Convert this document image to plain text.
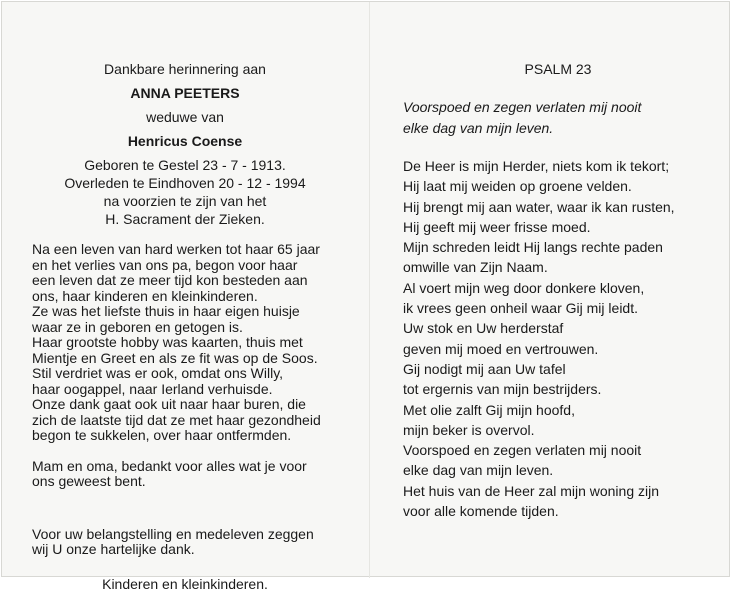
Dankbare herinnering aan
ANNA PEETERS
weduwe van
Henricus Coense
Geboren te Gestel 23 - 7 - 1913.
Overleden te Eindhoven 20 - 12 - 1994
na voorzien te zijn van het
H. Sacrament der Zieken.
Na een leven van hard werken tot haar 65 jaar
en het verlies van ons pa, begon voor haar
een leven dat ze meer tijd kon besteden aan
ons, haar kinderen en kleinkinderen.
Ze was het liefste thuis in haar eigen huisje
waar ze in geboren en getogen is.
Haar grootste hobby was kaarten, thuis met
Mientje en Greet en als ze fit was op de Soos.
Stil verdriet was er ook, omdat ons Willy,
haar oogappel, naar Ierland verhuisde.
Onze dank gaat ook uit naar haar buren, die
zich de laatste tijd dat ze met haar gezondheid
begon te sukkelen, over haar ontfermden.
Mam en oma, bedankt voor alles wat je voor
ons geweest bent.
Voor uw belangstelling en medeleven zeggen
wij U onze hartelijke dank.
Kinderen en kleinkinderen.
PSALM 23
Voorspoed en zegen verlaten mij nooit
elke dag van mijn leven.
De Heer is mijn Herder, niets kom ik tekort;
Hij laat mij weiden op groene velden.
Hij brengt mij aan water, waar ik kan rusten,
Hij geeft mij weer frisse moed.
Mijn schreden leidt Hij langs rechte paden
omwille van Zijn Naam.
Al voert mijn weg door donkere kloven,
ik vrees geen onheil waar Gij mij leidt.
Uw stok en Uw herderstaf
geven mij moed en vertrouwen.
Gij nodigt mij aan Uw tafel
tot ergernis van mijn bestrijders.
Met olie zalft Gij mijn hoofd,
mijn beker is overvol.
Voorspoed en zegen verlaten mij nooit
elke dag van mijn leven.
Het huis van de Heer zal mijn woning zijn
voor alle komende tijden.
